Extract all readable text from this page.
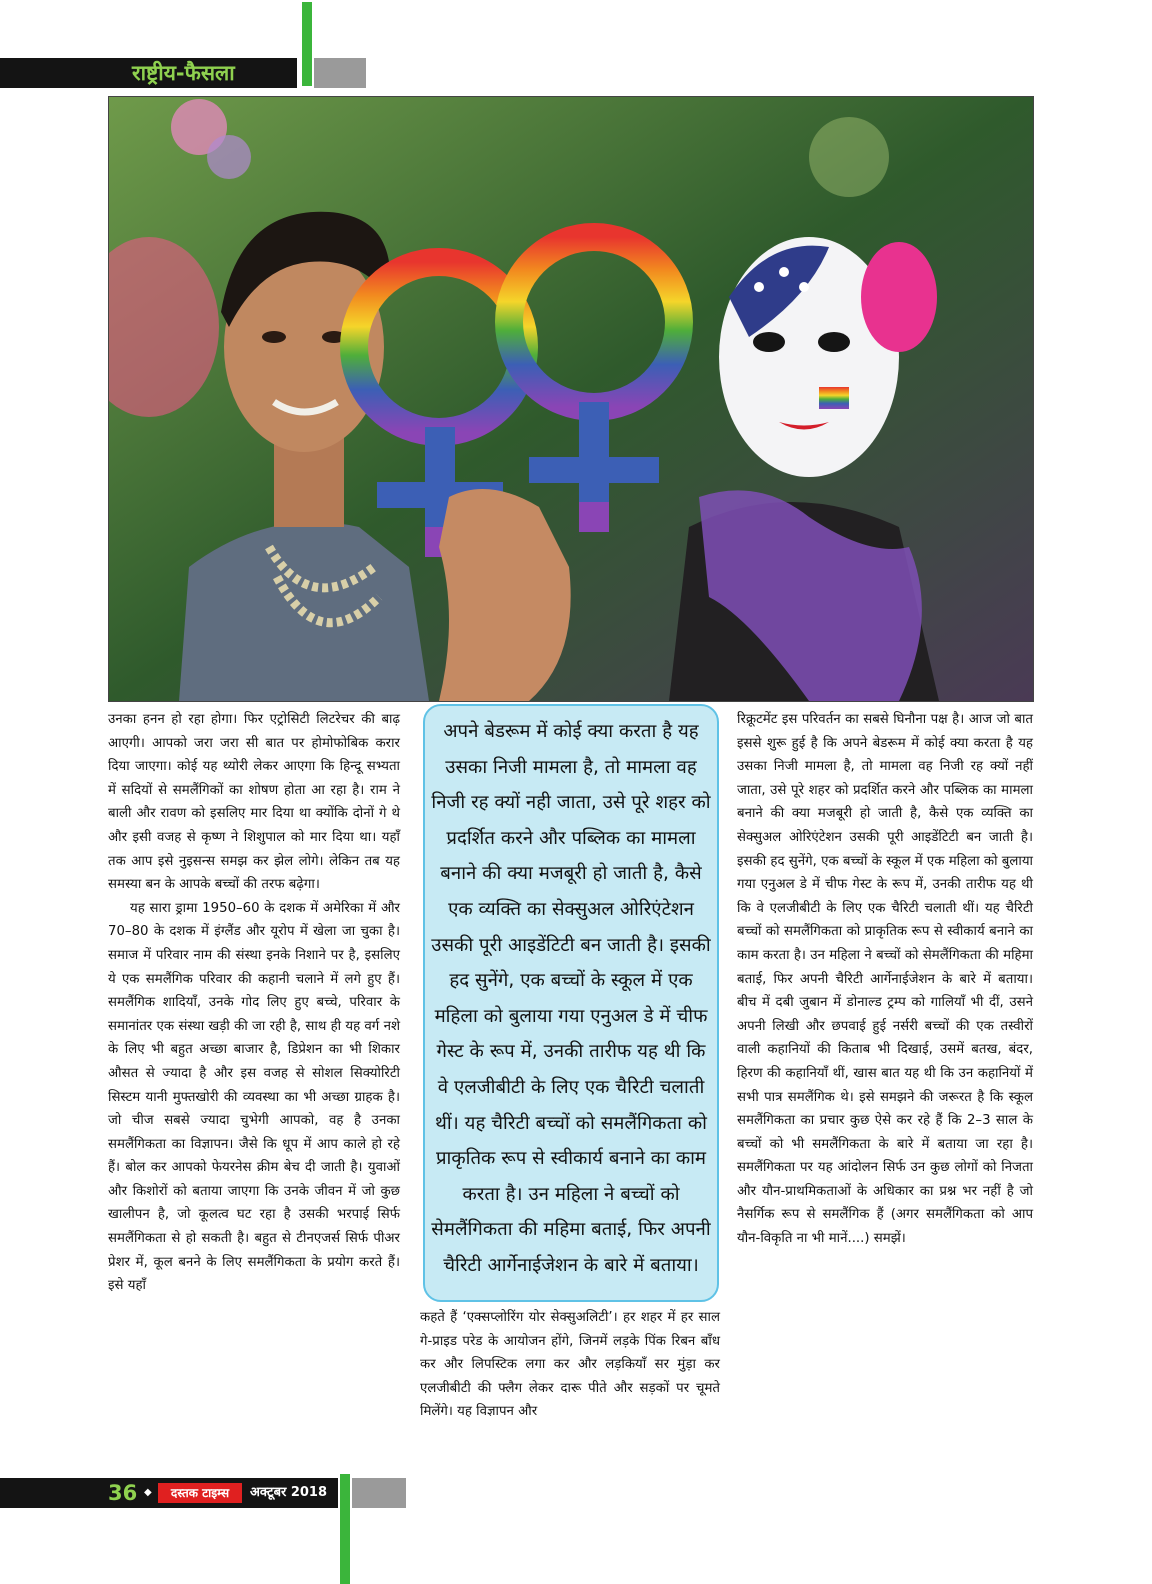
राष्ट्रीय-फैसला

उनका हनन हो रहा होगा। फिर एट्रोसिटी लिटरेचर की बाढ़ आएगी। आपको जरा जरा सी बात पर होमोफोबिक करार दिया जाएगा। कोई यह थ्योरी लेकर आएगा कि हिन्दू सभ्यता में सदियों से समलैंगिकों का शोषण होता आ रहा है। राम ने बाली और रावण को इसलिए मार दिया था क्योंकि दोनों गे थे और इसी वजह से कृष्ण ने शिशुपाल को मार दिया था। यहाँ तक आप इसे नुइसन्स समझ कर झेल लोगे। लेकिन तब यह समस्या बन के आपके बच्चों की तरफ बढ़ेगा।

यह सारा ड्रामा 1950–60 के दशक में अमेरिका में और 70–80 के दशक में इंग्लैंड और यूरोप में खेला जा चुका है। समाज में परिवार नाम की संस्था इनके निशाने पर है, इसलिए ये एक समलैंगिक परिवार की कहानी चलाने में लगे हुए हैं। समलैंगिक शादियाँ, उनके गोद लिए हुए बच्चे, परिवार के समानांतर एक संस्था खड़ी की जा रही है, साथ ही यह वर्ग नशे के लिए भी बहुत अच्छा बाजार है, डिप्रेशन का भी शिकार औसत से ज्यादा है और इस वजह से सोशल सिक्योरिटी सिस्टम यानी मुफ्तखोरी की व्यवस्था का भी अच्छा ग्राहक है। जो चीज सबसे ज्यादा चुभेगी आपको, वह है उनका समलैंगिकता का विज्ञापन। जैसे कि धूप में आप काले हो रहे हैं। बोल कर आपको फेयरनेस क्रीम बेच दी जाती है। युवाओं और किशोरों को बताया जाएगा कि उनके जीवन में जो कुछ खालीपन है, जो कूलत्व घट रहा है उसकी भरपाई सिर्फ समलैंगिकता से हो सकती है। बहुत से टीनएजर्स सिर्फ पीअर प्रेशर में, कूल बनने के लिए समलैंगिकता के प्रयोग करते हैं। इसे यहाँ

अपने बेडरूम में कोई क्या करता है यह उसका निजी मामला है, तो मामला वह निजी रह क्यों नही जाता, उसे पूरे शहर को प्रदर्शित करने और पब्लिक का मामला बनाने की क्या मजबूरी हो जाती है, कैसे एक व्यक्ति का सेक्सुअल ओरिएंटेशन उसकी पूरी आइडेंटिटी बन जाती है। इसकी हद सुनेंगे, एक बच्चों के स्कूल में एक महिला को बुलाया गया एनुअल डे में चीफ गेस्ट के रूप में, उनकी तारीफ यह थी कि वे एलजीबीटी के लिए एक चैरिटी चलाती थीं। यह चैरिटी बच्चों को समलैंगिकता को प्राकृतिक रूप से स्वीकार्य बनाने का काम करता है। उन महिला ने बच्चों को सेमलैंगिकता की महिमा बताई, फिर अपनी चैरिटी आर्गेनाईजेशन के बारे में बताया।

कहते हैं ‘एक्सप्लोरिंग योर सेक्सुअलिटी’। हर शहर में हर साल गे-प्राइड परेड के आयोजन होंगे, जिनमें लड़के पिंक रिबन बाँध कर और लिपस्टिक लगा कर और लड़कियाँ सर मुंड़ा कर एलजीबीटी की फ्लैग लेकर दारू पीते और सड़कों पर चूमते मिलेंगे। यह विज्ञापन और

रिक्रूटमेंट इस परिवर्तन का सबसे घिनौना पक्ष है। आज जो बात इससे शुरू हुई है कि अपने बेडरूम में कोई क्या करता है यह उसका निजी मामला है, तो मामला वह निजी रह क्यों नहीं जाता, उसे पूरे शहर को प्रदर्शित करने और पब्लिक का मामला बनाने की क्या मजबूरी हो जाती है, कैसे एक व्यक्ति का सेक्सुअल ओरिएंटेशन उसकी पूरी आइडेंटिटी बन जाती है। इसकी हद सुनेंगे, एक बच्चों के स्कूल में एक महिला को बुलाया गया एनुअल डे में चीफ गेस्ट के रूप में, उनकी तारीफ यह थी कि वे एलजीबीटी के लिए एक चैरिटी चलाती थीं। यह चैरिटी बच्चों को समलैंगिकता को प्राकृतिक रूप से स्वीकार्य बनाने का काम करता है। उन महिला ने बच्चों को सेमलैंगिकता की महिमा बताई, फिर अपनी चैरिटी आर्गेनाईजेशन के बारे में बताया। बीच में दबी जुबान में डोनाल्ड ट्रम्प को गालियाँ भी दीं, उसने अपनी लिखी और छपवाई हुई नर्सरी बच्चों की एक तस्वीरों वाली कहानियों की किताब भी दिखाई, उसमें बतख, बंदर, हिरण की कहानियाँ थीं, खास बात यह थी कि उन कहानियों में सभी पात्र समलैंगिक थे। इसे समझने की जरूरत है कि स्कूल समलैंगिकता का प्रचार कुछ ऐसे कर रहे हैं कि 2–3 साल के बच्चों को भी समलैंगिकता के बारे में बताया जा रहा है। समलैंगिकता पर यह आंदोलन सिर्फ उन कुछ लोगों को निजता और यौन-प्राथमिकताओं के अधिकार का प्रश्न भर नहीं है जो नैसर्गिक रूप से समलैंगिक हैं (अगर समलैंगिकता को आप यौन-विकृति ना भी मानें....) समझें।

36 ◆	दस्तक टाइम्स	अक्टूबर 2018
